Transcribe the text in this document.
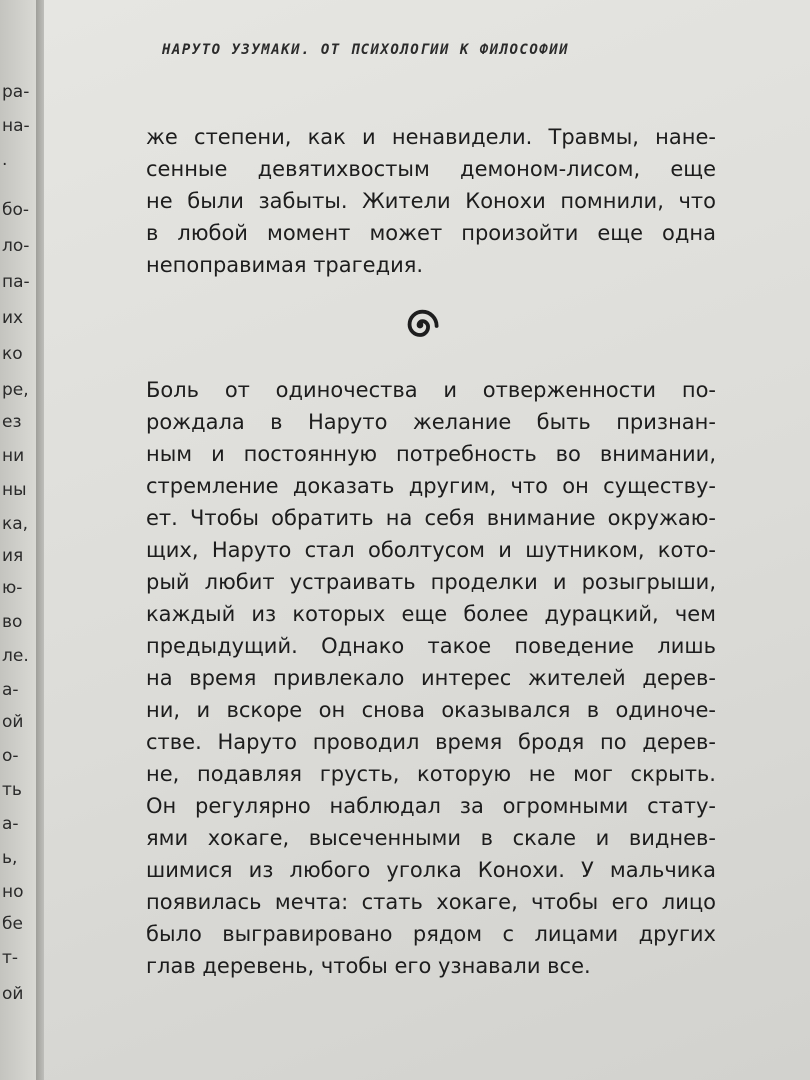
ра-
на-
.
бо-
ло-
па-
их
ко
ре,
ез
ни
ны
ка,
ия
ю-
во
ле.
а-
ой
о-
ть
а-
ь,
но
бе
т-
ой
НАРУТО УЗУМАКИ. ОТ ПСИХОЛОГИИ К ФИЛОСОФИИ
же степени, как и ненавидели. Травмы, нане-
сенные девятихвостым демоном-лисом, еще
не были забыты. Жители Конохи помнили, что
в любой момент может произойти еще одна
непоправимая трагедия.
Боль от одиночества и отверженности по-
рождала в Наруто желание быть признан-
ным и постоянную потребность во внимании,
стремление доказать другим, что он существу-
ет. Чтобы обратить на себя внимание окружаю-
щих, Наруто стал оболтусом и шутником, кото-
рый любит устраивать проделки и розыгрыши,
каждый из которых еще более дурацкий, чем
предыдущий. Однако такое поведение лишь
на время привлекало интерес жителей дерев-
ни, и вскоре он снова оказывался в одиноче-
стве. Наруто проводил время бродя по дерев-
не, подавляя грусть, которую не мог скрыть.
Он регулярно наблюдал за огромными стату-
ями хокаге, высеченными в скале и виднев-
шимися из любого уголка Конохи. У мальчика
появилась мечта: стать хокаге, чтобы его лицо
было выгравировано рядом с лицами других
глав деревень, чтобы его узнавали все.
